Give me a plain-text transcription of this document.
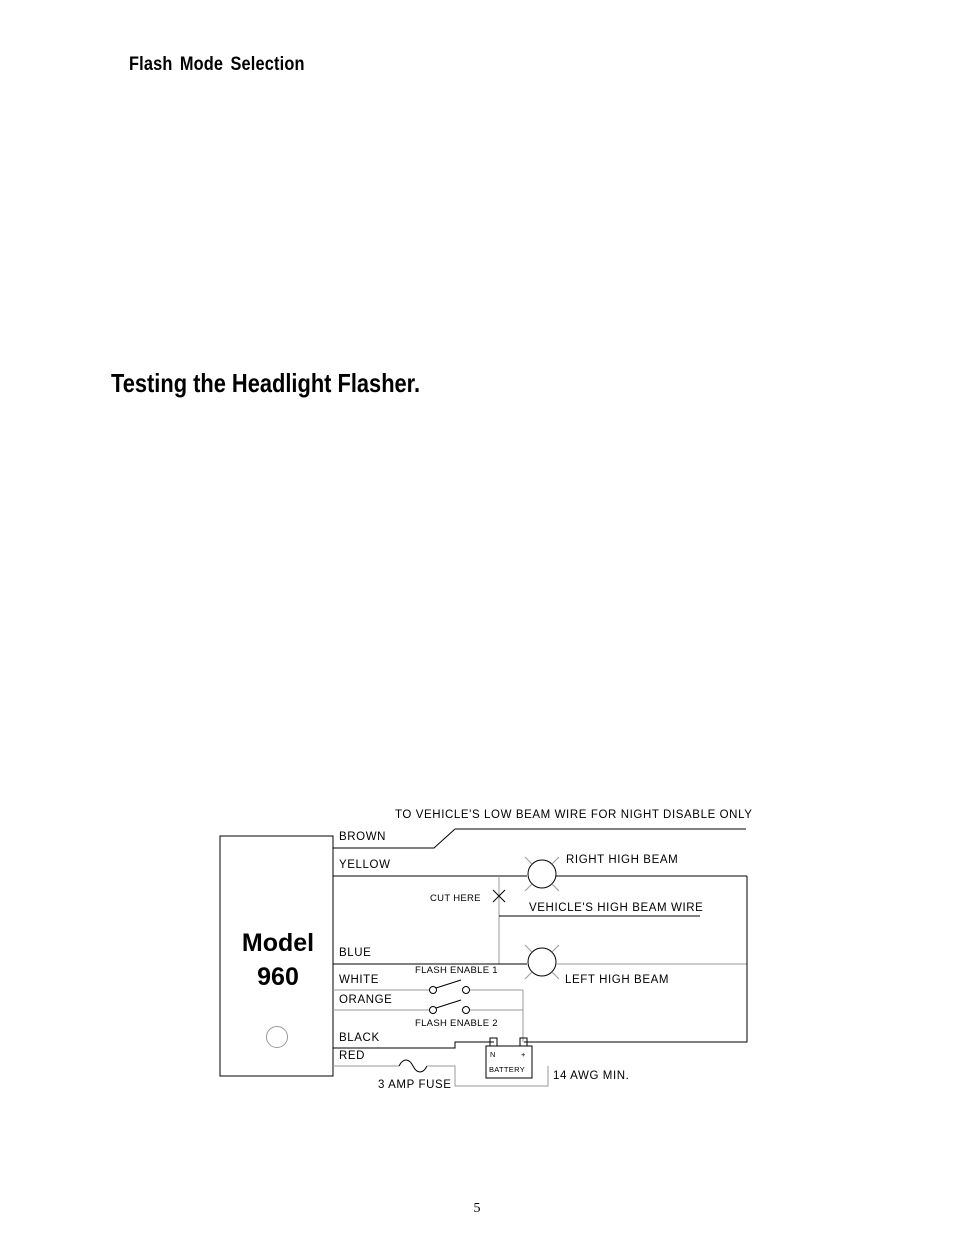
Flash Mode Selection
Testing the Headlight Flasher.
Model
960
TO VEHICLE'S LOW BEAM WIRE FOR NIGHT DISABLE ONLY
BROWN
YELLOW	RIGHT HIGH BEAM
VEHICLE'S HIGH BEAM WIRE
CUT HERE
BLUE
LEFT HIGH BEAM
WHITE
FLASH ENABLE 1
ORANGE
FLASH ENABLE 2
BLACK
RED
3 AMP FUSE
N	+
BATTERY
14 AWG MIN.
5
